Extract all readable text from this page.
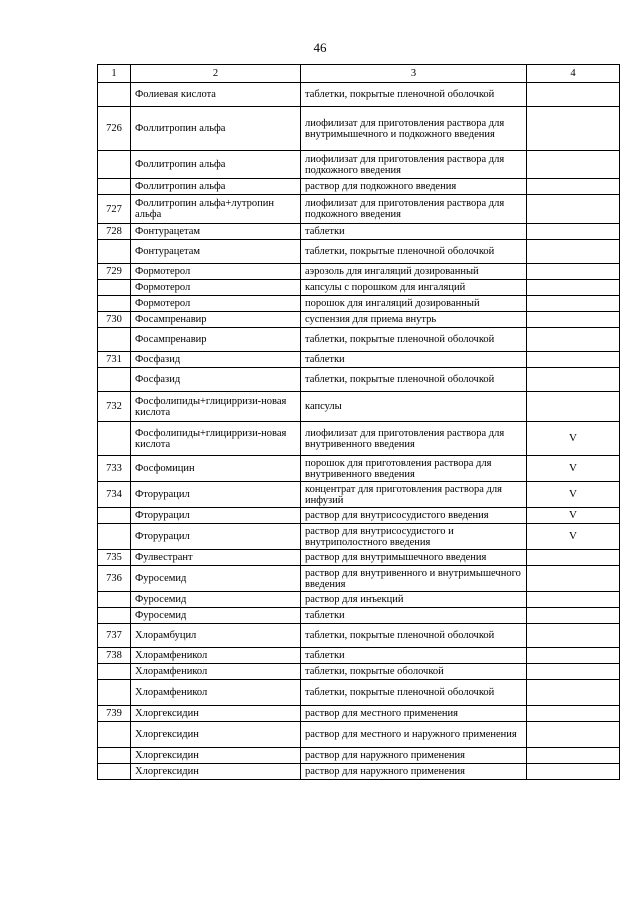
46
1	2	3	4
	Фолиевая кислота	таблетки, покрытые пленочной оболочкой	
726	Фоллитропин альфа	лиофилизат для приготовления раствора для внутримышечного и подкожного введения	
	Фоллитропин альфа	лиофилизат для приготовления раствора для подкожного введения	
	Фоллитропин альфа	раствор для подкожного введения	
727	Фоллитропин альфа+лутропин альфа	лиофилизат для приготовления раствора для подкожного введения	
728	Фонтурацетам	таблетки	
	Фонтурацетам	таблетки, покрытые пленочной оболочкой	
729	Формотерол	аэрозоль для ингаляций дозированный	
	Формотерол	капсулы с порошком для ингаляций	
	Формотерол	порошок для ингаляций дозированный	
730	Фосампренавир	суспензия для приема внутрь	
	Фосампренавир	таблетки, покрытые пленочной оболочкой	
731	Фосфазид	таблетки	
	Фосфазид	таблетки, покрытые пленочной оболочкой	
732	Фосфолипиды+глицирризи-новая кислота	капсулы	
	Фосфолипиды+глицирризи-новая кислота	лиофилизат для приготовления раствора для внутривенного введения	V
733	Фосфомицин	порошок для приготовления раствора для внутривенного введения	V
734	Фторурацил	концентрат для приготовления раствора для инфузий	V
	Фторурацил	раствор для внутрисосудистого введения	V
	Фторурацил	раствор для внутрисосудистого и внутриполостного введения	V
735	Фулвестрант	раствор для внутримышечного введения	
736	Фуросемид	раствор для внутривенного и внутримышечного введения	
	Фуросемид	раствор для инъекций	
	Фуросемид	таблетки	
737	Хлорамбуцил	таблетки, покрытые пленочной оболочкой	
738	Хлорамфеникол	таблетки	
	Хлорамфеникол	таблетки, покрытые оболочкой	
	Хлорамфеникол	таблетки, покрытые пленочной оболочкой	
739	Хлоргексидин	раствор для местного применения	
	Хлоргексидин	раствор для местного и наружного применения	
	Хлоргексидин	раствор для наружного применения	
	Хлоргексидин	раствор для наружного применения	
